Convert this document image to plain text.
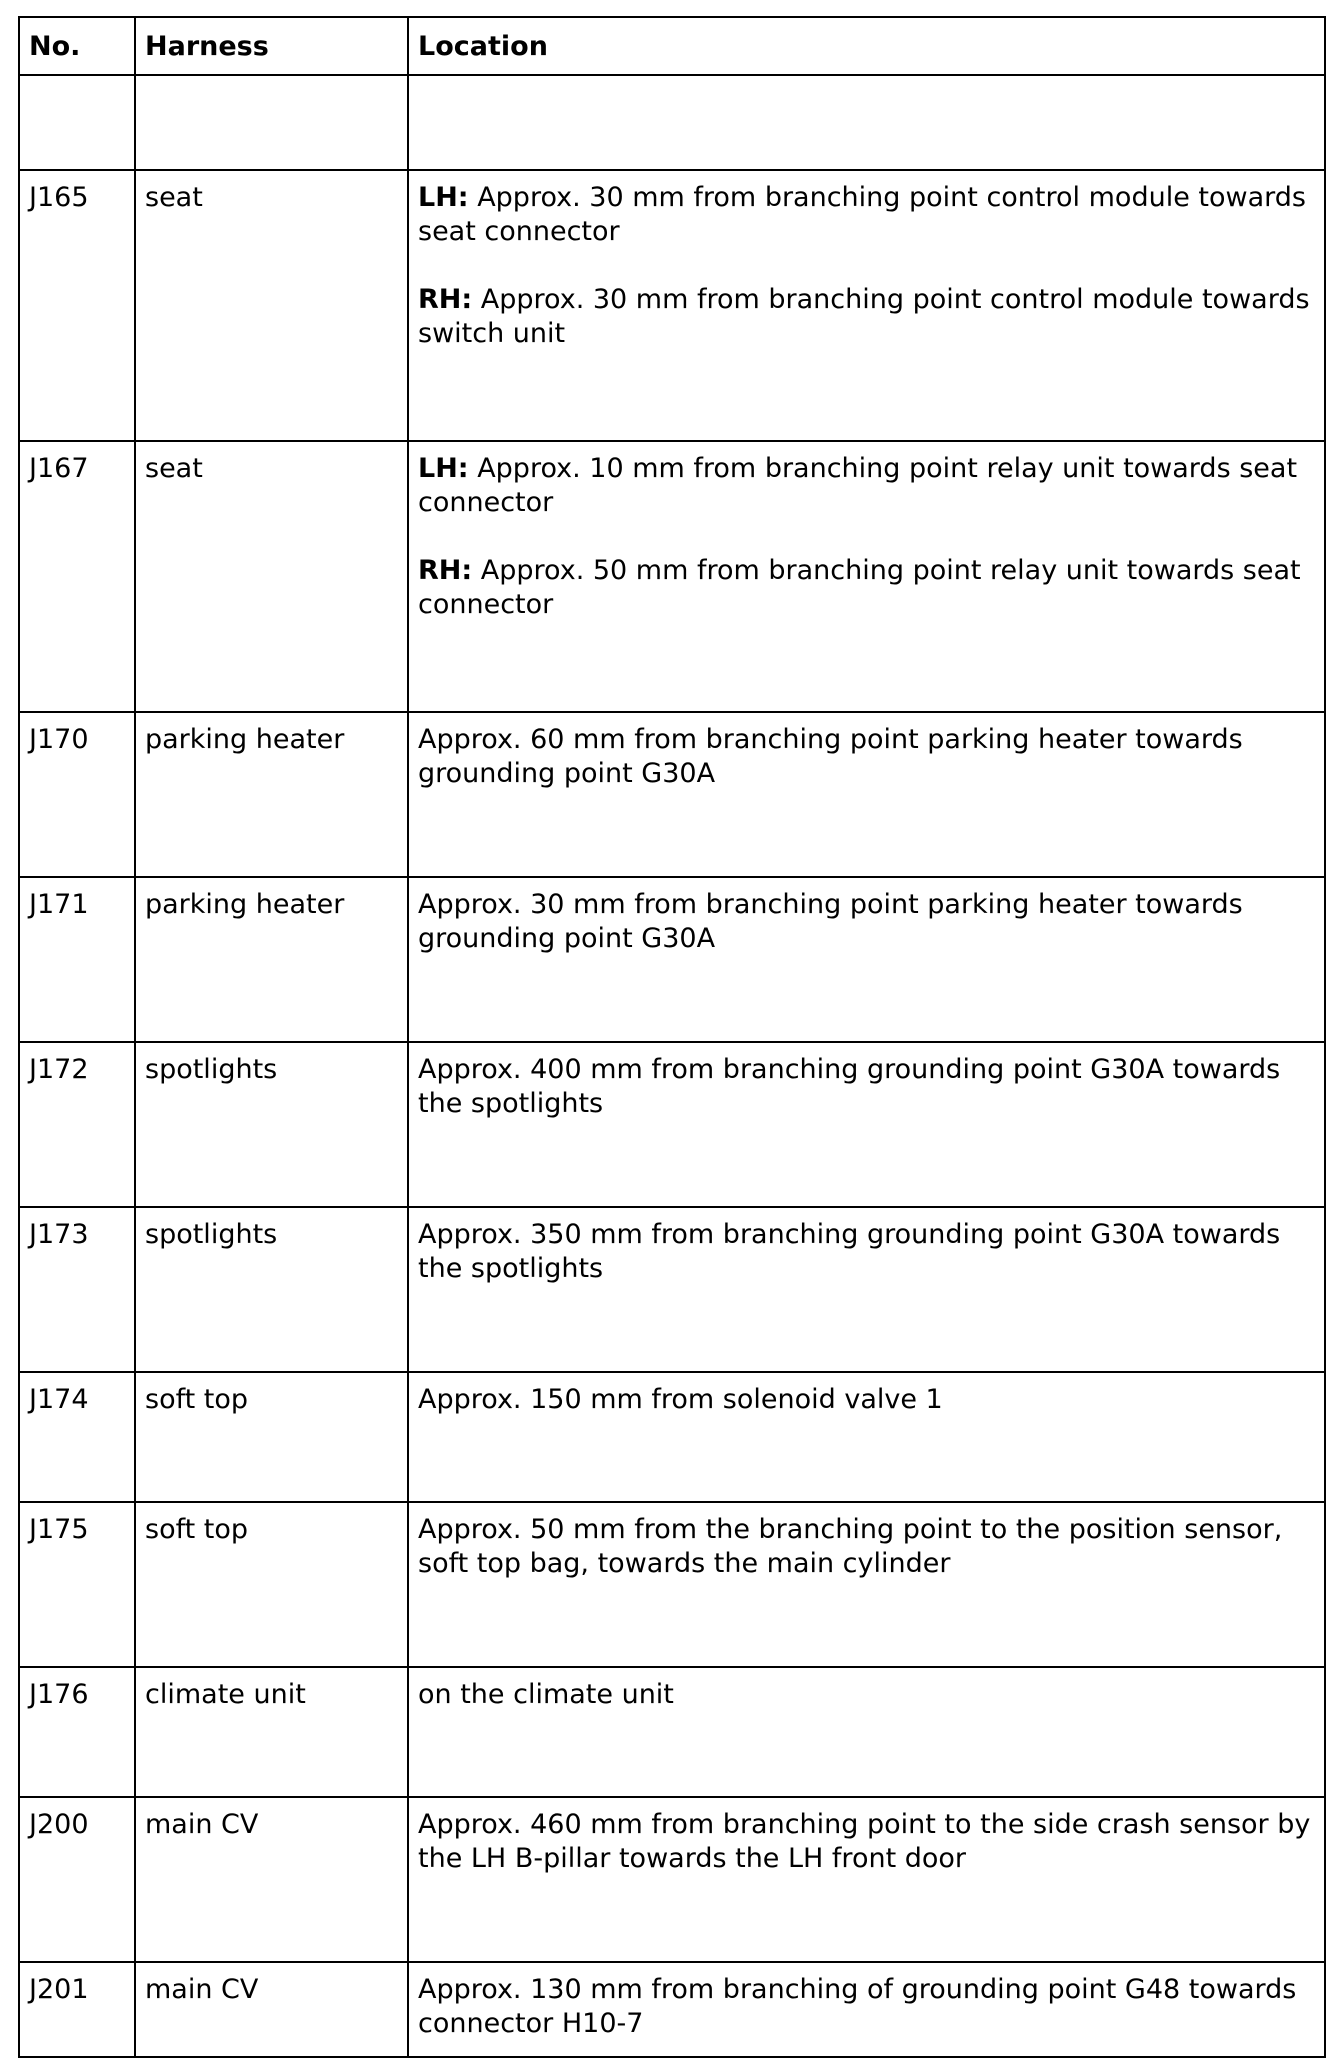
No.	Harness	Location

J165	seat	LH: Approx. 30 mm from branching point control module towards seat connector
RH: Approx. 30 mm from branching point control module towards switch unit

J167	seat	LH: Approx. 10 mm from branching point relay unit towards seat connector
RH: Approx. 50 mm from branching point relay unit towards seat connector

J170	parking heater	Approx. 60 mm from branching point parking heater towards grounding point G30A
J171	parking heater	Approx. 30 mm from branching point parking heater towards grounding point G30A
J172	spotlights	Approx. 400 mm from branching grounding point G30A towards the spotlights
J173	spotlights	Approx. 350 mm from branching grounding point G30A towards the spotlights
J174	soft top	Approx. 150 mm from solenoid valve 1
J175	soft top	Approx. 50 mm from the branching point to the position sensor, soft top bag, towards the main cylinder
J176	climate unit	on the climate unit
J200	main CV	Approx. 460 mm from branching point to the side crash sensor by the LH B-pillar towards the LH front door
J201	main CV	Approx. 130 mm from branching of grounding point G48 towards connector H10-7
